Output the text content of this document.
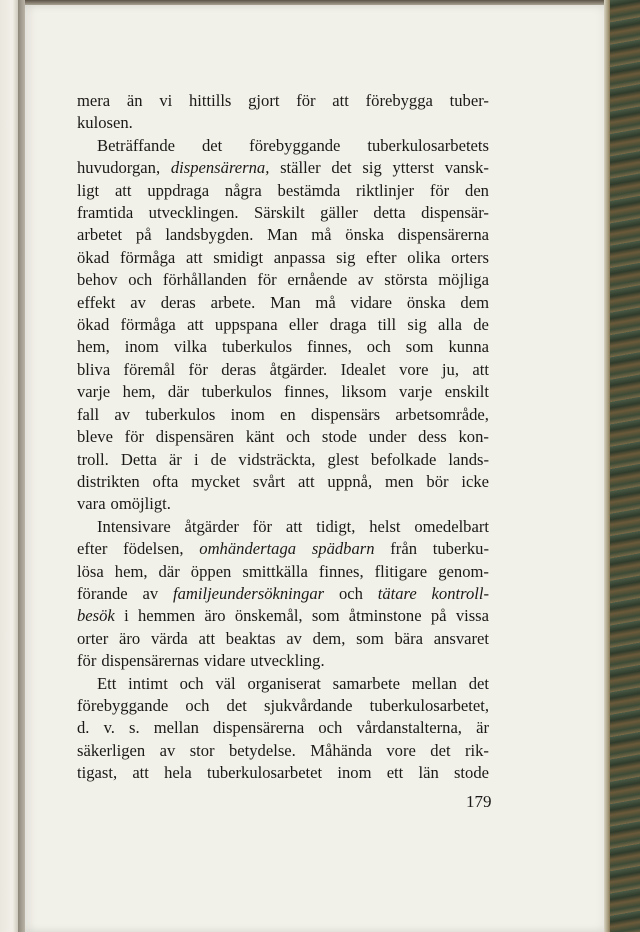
mera än vi hittills gjort för att förebygga tuber-
kulosen.
Beträffande det förebyggande tuberkulosarbetets
huvudorgan, dispensärerna, ställer det sig ytterst vansk-
ligt att uppdraga några bestämda riktlinjer för den
framtida utvecklingen. Särskilt gäller detta dispensär-
arbetet på landsbygden. Man må önska dispensärerna
ökad förmåga att smidigt anpassa sig efter olika orters
behov och förhållanden för ernående av största möjliga
effekt av deras arbete. Man må vidare önska dem
ökad förmåga att uppspana eller draga till sig alla de
hem, inom vilka tuberkulos finnes, och som kunna
bliva föremål för deras åtgärder. Idealet vore ju, att
varje hem, där tuberkulos finnes, liksom varje enskilt
fall av tuberkulos inom en dispensärs arbetsområde,
bleve för dispensären känt och stode under dess kon-
troll. Detta är i de vidsträckta, glest befolkade lands-
distrikten ofta mycket svårt att uppnå, men bör icke
vara omöjligt.
Intensivare åtgärder för att tidigt, helst omedelbart
efter födelsen, omhändertaga spädbarn från tuberku-
lösa hem, där öppen smittkälla finnes, flitigare genom-
förande av familjeundersökningar och tätare kontroll-
besök i hemmen äro önskemål, som åtminstone på vissa
orter äro värda att beaktas av dem, som bära ansvaret
för dispensärernas vidare utveckling.
Ett intimt och väl organiserat samarbete mellan det
förebyggande och det sjukvårdande tuberkulosarbetet,
d. v. s. mellan dispensärerna och vårdanstalterna, är
säkerligen av stor betydelse. Måhända vore det rik-
tigast, att hela tuberkulosarbetet inom ett län stode
179
